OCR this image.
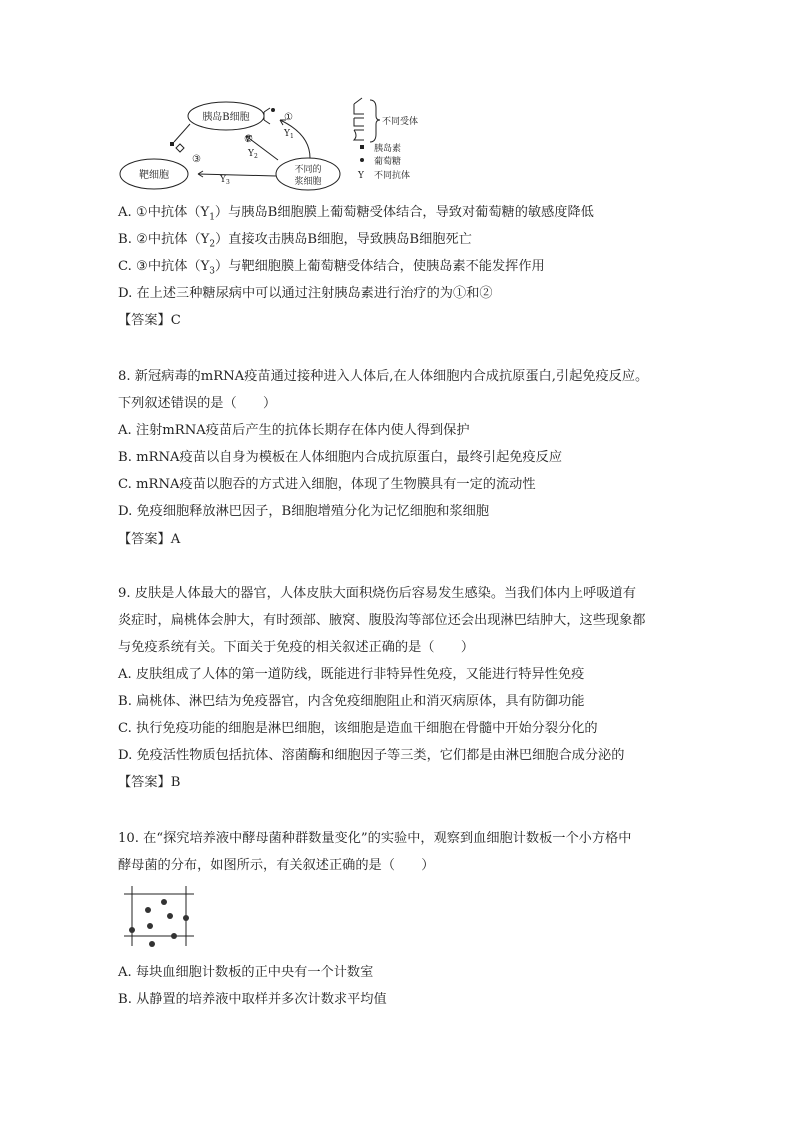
胰岛B细胞
靶细胞	不同的
浆细胞
①
$Y_1$
②
$Y_2$
③
$Y_3$
不同受体
胰岛素
葡萄糖
Y 不同抗体
A. ①中抗体$(Y_1)$与胰岛B细胞膜上葡萄糖受体结合，导致对葡萄糖的敏感度降低
B. ②中抗体$(Y_2)$直接攻击胰岛B细胞，导致胰岛B细胞死亡
C. ③中抗体$(Y_3)$与靶细胞膜上葡萄糖受体结合，使胰岛素不能发挥作用
D. 在上述三种糖尿病中可以通过注射胰岛素进行治疗的为①和②
【答案】C
8. 新冠病毒的mRNA疫苗通过接种进入人体后,在人体细胞内合成抗原蛋白,引起免疫反应。
下列叙述错误的是（　　）
A. 注射mRNA疫苗后产生的抗体长期存在体内使人得到保护
B. mRNA疫苗以自身为模板在人体细胞内合成抗原蛋白，最终引起免疫反应
C. mRNA疫苗以胞吞的方式进入细胞，体现了生物膜具有一定的流动性
D. 免疫细胞释放淋巴因子，B细胞增殖分化为记忆细胞和浆细胞
【答案】A
9. 皮肤是人体最大的器官，人体皮肤大面积烧伤后容易发生感染。当我们体内上呼吸道有
炎症时，扁桃体会肿大，有时颈部、腋窝、腹股沟等部位还会出现淋巴结肿大，这些现象都
与免疫系统有关。下面关于免疫的相关叙述正确的是（　　）
A. 皮肤组成了人体的第一道防线，既能进行非特异性免疫，又能进行特异性免疫
B. 扁桃体、淋巴结为免疫器官，内含免疫细胞阻止和消灭病原体，具有防御功能
C. 执行免疫功能的细胞是淋巴细胞，该细胞是造血干细胞在骨髓中开始分裂分化的
D. 免疫活性物质包括抗体、溶菌酶和细胞因子等三类，它们都是由淋巴细胞合成分泌的
【答案】B
10. 在“探究培养液中酵母菌种群数量变化”的实验中，观察到血细胞计数板一个小方格中
酵母菌的分布，如图所示，有关叙述正确的是（　　）
A. 每块血细胞计数板的正中央有一个计数室
B. 从静置的培养液中取样并多次计数求平均值
